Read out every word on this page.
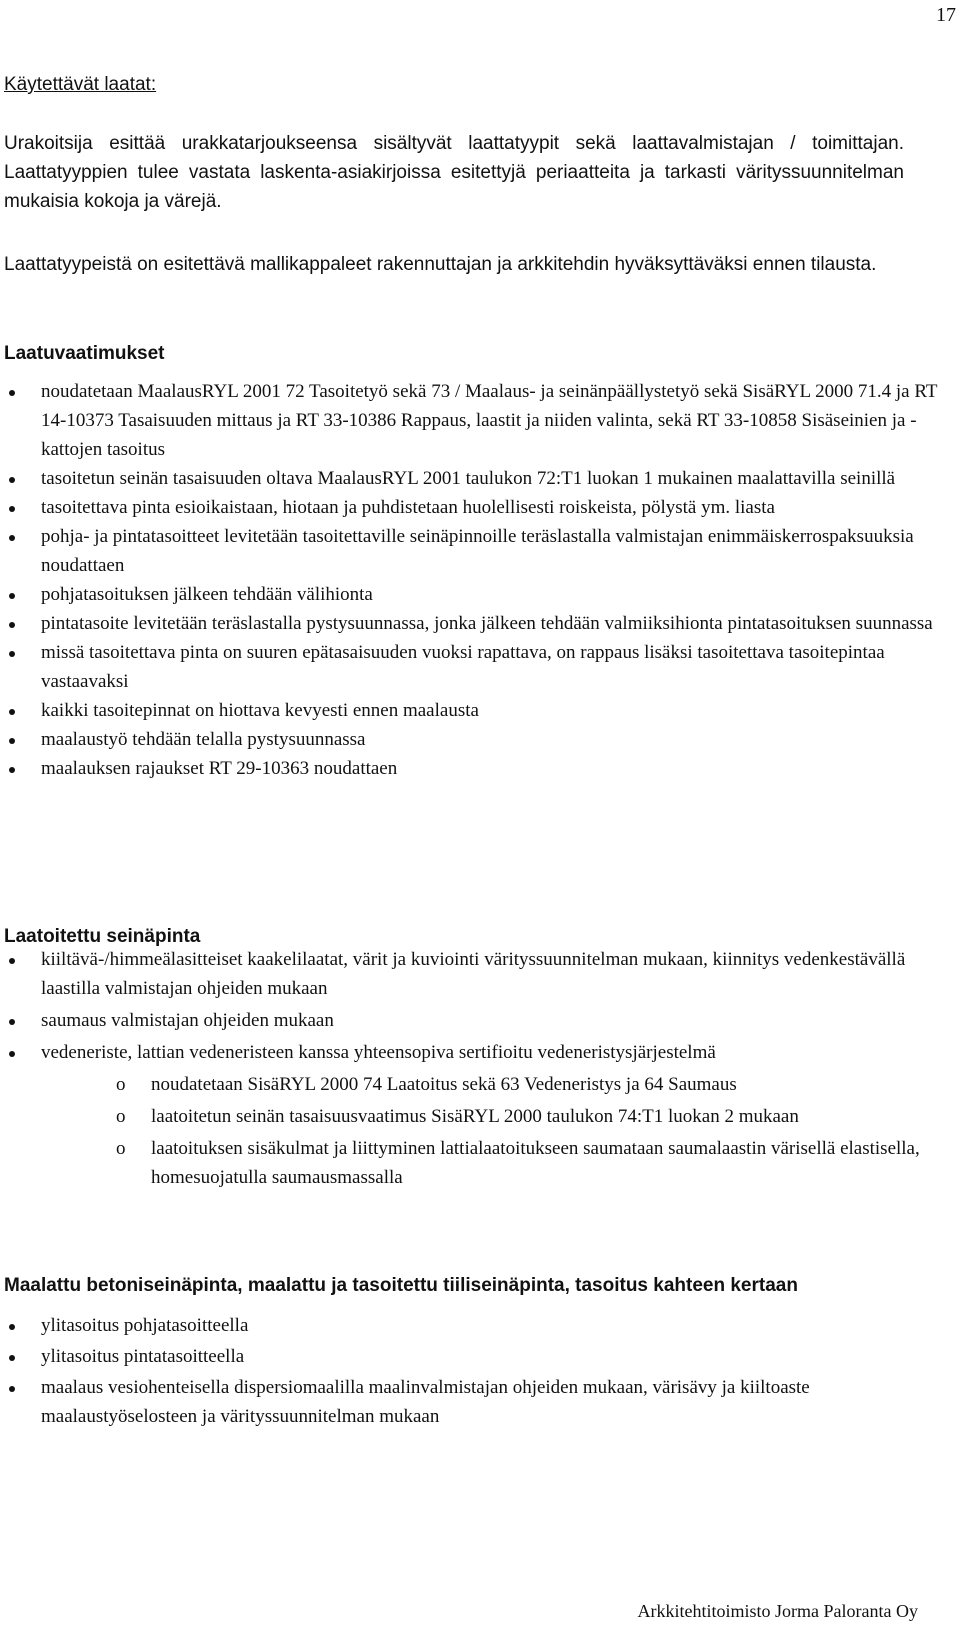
17
Käytettävät laatat:
Urakoitsija esittää urakkatarjoukseensa sisältyvät laattatyypit sekä laattavalmistajan / toimittajan. Laattatyyppien tulee vastata laskenta-asiakirjoissa esitettyjä periaatteita ja tarkasti värityssuunnitelman mukaisia kokoja ja värejä.
Laattatyypeistä on esitettävä mallikappaleet rakennuttajan ja arkkitehdin hyväksyttäväksi ennen tilausta.
Laatuvaatimukset
noudatetaan MaalausRYL 2001 72 Tasoitetyö sekä 73 / Maalaus- ja seinänpäällystetyö sekä SisäRYL 2000 71.4 ja RT 14-10373 Tasaisuuden mittaus ja RT 33-10386 Rappaus, laastit ja niiden valinta, sekä RT 33-10858 Sisäseinien ja -kattojen tasoitus
tasoitetun seinän tasaisuuden oltava MaalausRYL 2001 taulukon 72:T1 luokan 1 mukainen maalattavilla seinillä
tasoitettava pinta esioikaistaan, hiotaan ja puhdistetaan huolellisesti roiskeista, pölystä ym. liasta
pohja- ja pintatasoitteet levitetään tasoitettaville seinäpinnoille teräslastalla valmistajan enimmäiskerrospaksuuksia noudattaen
pohjatasoituksen jälkeen tehdään välihionta
pintatasoite levitetään teräslastalla pystysuunnassa, jonka jälkeen tehdään valmiiksihionta pintatasoituksen suunnassa
missä tasoitettava pinta on suuren epätasaisuuden vuoksi rapattava, on rappaus lisäksi tasoitettava tasoitepintaa vastaavaksi
kaikki tasoitepinnat on hiottava kevyesti ennen maalausta
maalaustyö tehdään telalla pystysuunnassa
maalauksen rajaukset RT 29-10363 noudattaen
Laatoitettu seinäpinta
kiiltävä-/himmeälasitteiset kaakelilaatat, värit ja kuviointi värityssuunnitelman mukaan, kiinnitys vedenkestävällä laastilla valmistajan ohjeiden mukaan
saumaus valmistajan ohjeiden mukaan
vedeneriste, lattian vedeneristeen kanssa yhteensopiva sertifioitu vedeneristysjärjestelmä
o noudatetaan SisäRYL 2000 74 Laatoitus sekä 63 Vedeneristys ja 64 Saumaus
o laatoitetun seinän tasaisuusvaatimus SisäRYL 2000 taulukon 74:T1 luokan 2 mukaan
o laatoituksen sisäkulmat ja liittyminen lattialaatoitukseen saumataan saumalaastin värisellä elastisella, homesuojatulla saumausmassalla
Maalattu betoniseinäpinta, maalattu ja tasoitettu tiiliseinäpinta, tasoitus kahteen kertaan
ylitasoitus pohjatasoitteella
ylitasoitus pintatasoitteella
maalaus vesiohenteisella dispersiomaalilla maalinvalmistajan ohjeiden mukaan, värisävy ja kiiltoaste maalaustyöselosteen ja värityssuunnitelman mukaan
Arkkitehtitoimisto Jorma Paloranta Oy
